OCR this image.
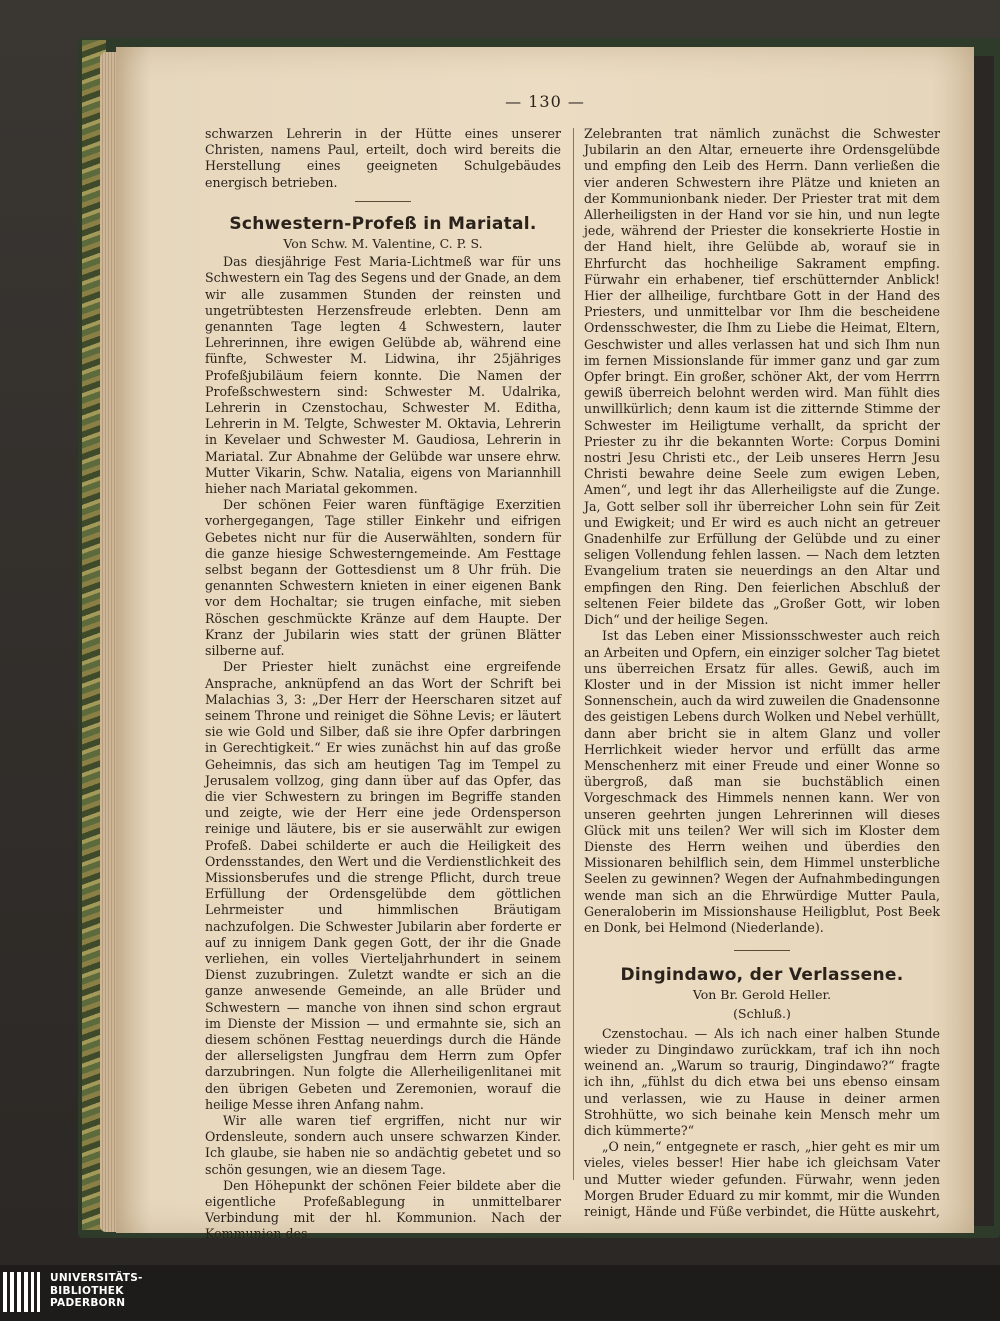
— 130 —

schwarzen Lehrerin in der Hütte eines unserer Christen, namens Paul, erteilt, doch wird bereits die Herstellung eines geeigneten Schulgebäudes energisch betrieben.

Schwestern-Profeß in Mariatal.
Von Schw. M. Valentine, C. P. S.

Das diesjährige Fest Maria-Lichtmeß war für uns Schwestern ein Tag des Segens und der Gnade, an dem wir alle zusammen Stunden der reinsten und ungetrübtesten Herzensfreude erlebten. Denn am genannten Tage legten 4 Schwestern, lauter Lehrerinnen, ihre ewigen Gelübde ab, während eine fünfte, Schwester M. Lidwina, ihr 25jähriges Profeßjubiläum feiern konnte. Die Namen der Profeßschwestern sind: Schwester M. Udalrika, Lehrerin in Czenstochau, Schwester M. Editha, Lehrerin in M. Telgte, Schwester M. Oktavia, Lehrerin in Kevelaer und Schwester M. Gaudiosa, Lehrerin in Mariatal. Zur Abnahme der Gelübde war unsere ehrw. Mutter Vikarin, Schw. Natalia, eigens von Mariannhill hieher nach Mariatal gekommen.

Der schönen Feier waren fünftägige Exerzitien vorhergegangen, Tage stiller Einkehr und eifrigen Gebetes nicht nur für die Auserwählten, sondern für die ganze hiesige Schwesterngemeinde. Am Festtage selbst begann der Gottesdienst um 8 Uhr früh. Die genannten Schwestern knieten in einer eigenen Bank vor dem Hochaltar; sie trugen einfache, mit sieben Röschen geschmückte Kränze auf dem Haupte. Der Kranz der Jubilarin wies statt der grünen Blätter silberne auf.

Der Priester hielt zunächst eine ergreifende Ansprache, anknüpfend an das Wort der Schrift bei Malachias 3, 3: „Der Herr der Heerscharen sitzet auf seinem Throne und reiniget die Söhne Levis; er läutert sie wie Gold und Silber, daß sie ihre Opfer darbringen in Gerechtigkeit.“ Er wies zunächst hin auf das große Geheimnis, das sich am heutigen Tag im Tempel zu Jerusalem vollzog, ging dann über auf das Opfer, das die vier Schwestern zu bringen im Begriffe standen und zeigte, wie der Herr eine jede Ordensperson reinige und läutere, bis er sie auserwählt zur ewigen Profeß. Dabei schilderte er auch die Heiligkeit des Ordensstandes, den Wert und die Verdienstlichkeit des Missionsberufes und die strenge Pflicht, durch treue Erfüllung der Ordensgelübde dem göttlichen Lehrmeister und himmlischen Bräutigam nachzufolgen. Die Schwester Jubilarin aber forderte er auf zu innigem Dank gegen Gott, der ihr die Gnade verliehen, ein volles Vierteljahrhundert in seinem Dienst zuzubringen. Zuletzt wandte er sich an die ganze anwesende Gemeinde, an alle Brüder und Schwestern — manche von ihnen sind schon ergraut im Dienste der Mission — und ermahnte sie, sich an diesem schönen Festtag neuerdings durch die Hände der allerseligsten Jungfrau dem Herrn zum Opfer darzubringen. Nun folgte die Allerheiligenlitanei mit den übrigen Gebeten und Zeremonien, worauf die heilige Messe ihren Anfang nahm.

Wir alle waren tief ergriffen, nicht nur wir Ordensleute, sondern auch unsere schwarzen Kinder. Ich glaube, sie haben nie so andächtig gebetet und so schön gesungen, wie an diesem Tage.

Den Höhepunkt der schönen Feier bildete aber die eigentliche Profeßablegung in unmittelbarer Verbindung mit der hl. Kommunion. Nach der Kommunion des

Zelebranten trat nämlich zunächst die Schwester Jubilarin an den Altar, erneuerte ihre Ordensgelübde und empfing den Leib des Herrn. Dann verließen die vier anderen Schwestern ihre Plätze und knieten an der Kommunionbank nieder. Der Priester trat mit dem Allerheiligsten in der Hand vor sie hin, und nun legte jede, während der Priester die konsekrierte Hostie in der Hand hielt, ihre Gelübde ab, worauf sie in Ehrfurcht das hochheilige Sakrament empfing. Fürwahr ein erhabener, tief erschütternder Anblick! Hier der allheilige, furchtbare Gott in der Hand des Priesters, und unmittelbar vor Ihm die bescheidene Ordensschwester, die Ihm zu Liebe die Heimat, Eltern, Geschwister und alles verlassen hat und sich Ihm nun im fernen Missionslande für immer ganz und gar zum Opfer bringt. Ein großer, schöner Akt, der vom Herrrn gewiß überreich belohnt werden wird. Man fühlt dies unwillkürlich; denn kaum ist die zitternde Stimme der Schwester im Heiligtume verhallt, da spricht der Priester zu ihr die bekannten Worte: Corpus Domini nostri Jesu Christi etc., der Leib unseres Herrn Jesu Christi bewahre deine Seele zum ewigen Leben, Amen“, und legt ihr das Allerheiligste auf die Zunge. Ja, Gott selber soll ihr überreicher Lohn sein für Zeit und Ewigkeit; und Er wird es auch nicht an getreuer Gnadenhilfe zur Erfüllung der Gelübde und zu einer seligen Vollendung fehlen lassen. — Nach dem letzten Evangelium traten sie neuerdings an den Altar und empfingen den Ring. Den feierlichen Abschluß der seltenen Feier bildete das „Großer Gott, wir loben Dich“ und der heilige Segen.

Ist das Leben einer Missionsschwester auch reich an Arbeiten und Opfern, ein einziger solcher Tag bietet uns überreichen Ersatz für alles. Gewiß, auch im Kloster und in der Mission ist nicht immer heller Sonnenschein, auch da wird zuweilen die Gnadensonne des geistigen Lebens durch Wolken und Nebel verhüllt, dann aber bricht sie in altem Glanz und voller Herrlichkeit wieder hervor und erfüllt das arme Menschenherz mit einer Freude und einer Wonne so übergroß, daß man sie buchstäblich einen Vorgeschmack des Himmels nennen kann. Wer von unseren geehrten jungen Lehrerinnen will dieses Glück mit uns teilen? Wer will sich im Kloster dem Dienste des Herrn weihen und überdies den Missionaren behilflich sein, dem Himmel unsterbliche Seelen zu gewinnen? Wegen der Aufnahmbedingungen wende man sich an die Ehrwürdige Mutter Paula, Generaloberin im Missionshause Heiligblut, Post Beek en Donk, bei Helmond (Niederlande).

Dingindawo, der Verlassene.
Von Br. Gerold Heller.
(Schluß.)

Czenstochau. — Als ich nach einer halben Stunde wieder zu Dingindawo zurückkam, traf ich ihn noch weinend an. „Warum so traurig, Dingindawo?“ fragte ich ihn, „fühlst du dich etwa bei uns ebenso einsam und verlassen, wie zu Hause in deiner armen Strohhütte, wo sich beinahe kein Mensch mehr um dich kümmerte?“

„O nein,“ entgegnete er rasch, „hier geht es mir um vieles, vieles besser! Hier habe ich gleichsam Vater und Mutter wieder gefunden. Fürwahr, wenn jeden Morgen Bruder Eduard zu mir kommt, mir die Wunden reinigt, Hände und Füße verbindet, die Hütte auskehrt,

UNIVERSITÄTS-
BIBLIOTHEK
PADERBORN
